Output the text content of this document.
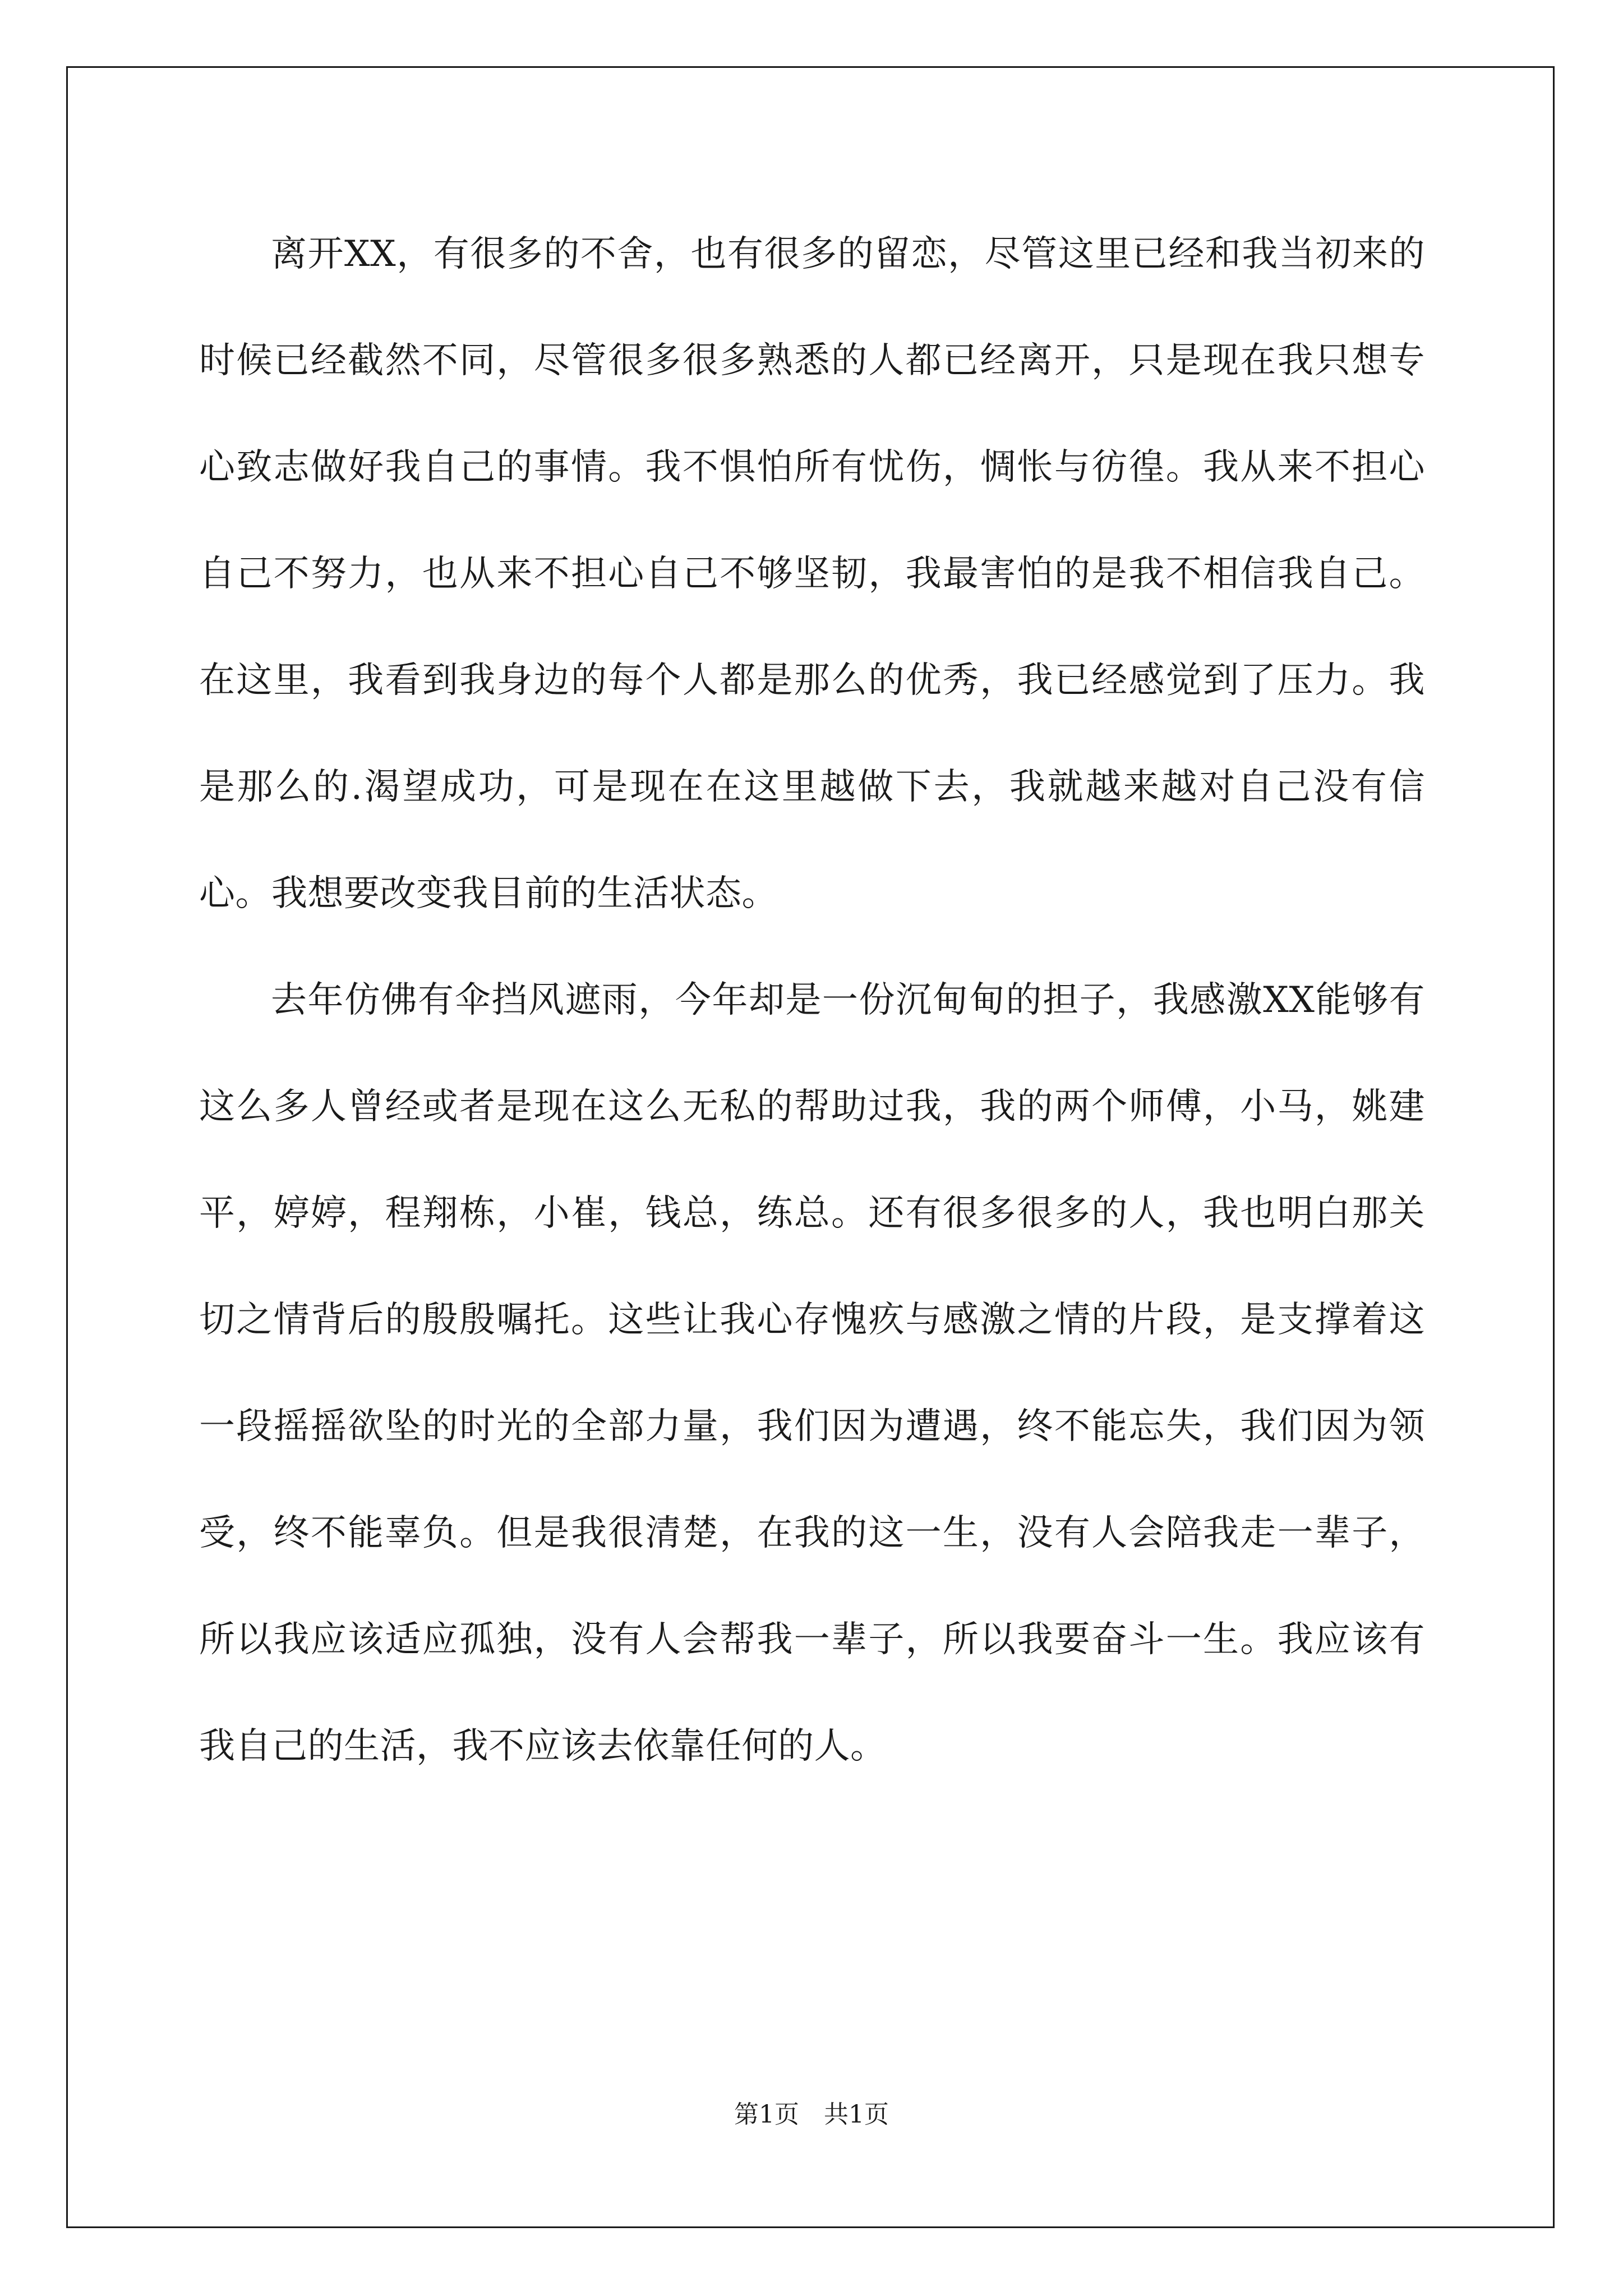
离开XX，有很多的不舍，也有很多的留恋，尽管这里已经和我当初来的时候已经截然不同，尽管很多很多熟悉的人都已经离开，只是现在我只想专心致志做好我自己的事情。我不惧怕所有忧伤，惆怅与彷徨。我从来不担心自己不努力，也从来不担心自己不够坚韧，我最害怕的是我不相信我自己。在这里，我看到我身边的每个人都是那么的优秀，我已经感觉到了压力。我是那么的.渴望成功，可是现在在这里越做下去，我就越来越对自己没有信心。我想要改变我目前的生活状态。

去年仿佛有伞挡风遮雨，今年却是一份沉甸甸的担子，我感激XX能够有这么多人曾经或者是现在这么无私的帮助过我，我的两个师傅，小马，姚建平，婷婷，程翔栋，小崔，钱总，练总。还有很多很多的人，我也明白那关切之情背后的殷殷嘱托。这些让我心存愧疚与感激之情的片段，是支撑着这一段摇摇欲坠的时光的全部力量，我们因为遭遇，终不能忘失，我们因为领受，终不能辜负。但是我很清楚，在我的这一生，没有人会陪我走一辈子，所以我应该适应孤独，没有人会帮我一辈子，所以我要奋斗一生。我应该有我自己的生活，我不应该去依靠任何的人。

第1页　共1页
